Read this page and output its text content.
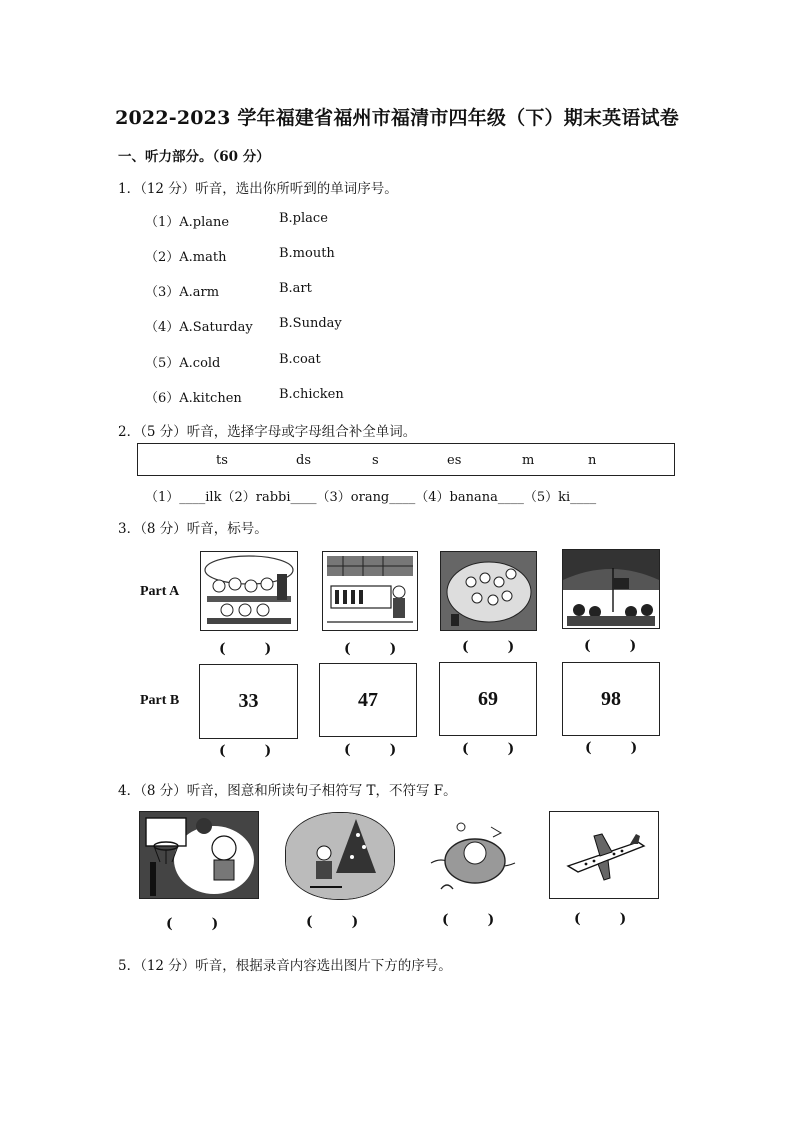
2022-2023 学年福建省福州市福清市四年级（下）期末英语试卷
一、听力部分。（60 分）
1．（12 分）听音，选出你所听到的单词序号。
（1）A.plane	B.place
（2）A.math	B.mouth
（3）A.arm	B.art
（4）A.Saturday B.Sunday
（5）A.cold	B.coat
（6）A.kitchen	B.chicken
2．（5 分）听音，选择字母或字母组合补全单词。
ts	ds	s	es	m	n
（1）____ilk（2）rabbi____（3）orang____（4）banana____（5）ki____
3．（8 分）听音，标号。
Part A
Part B
(        )	(        )	(        )	(        )
33	47	69	98
(        )	(        )	(        )	(        )
4．（8 分）听音，图意和所读句子相符写 T，不符写 F。
(        )	(        )	(        )	(        )
5．（12 分）听音，根据录音内容选出图片下方的序号。
